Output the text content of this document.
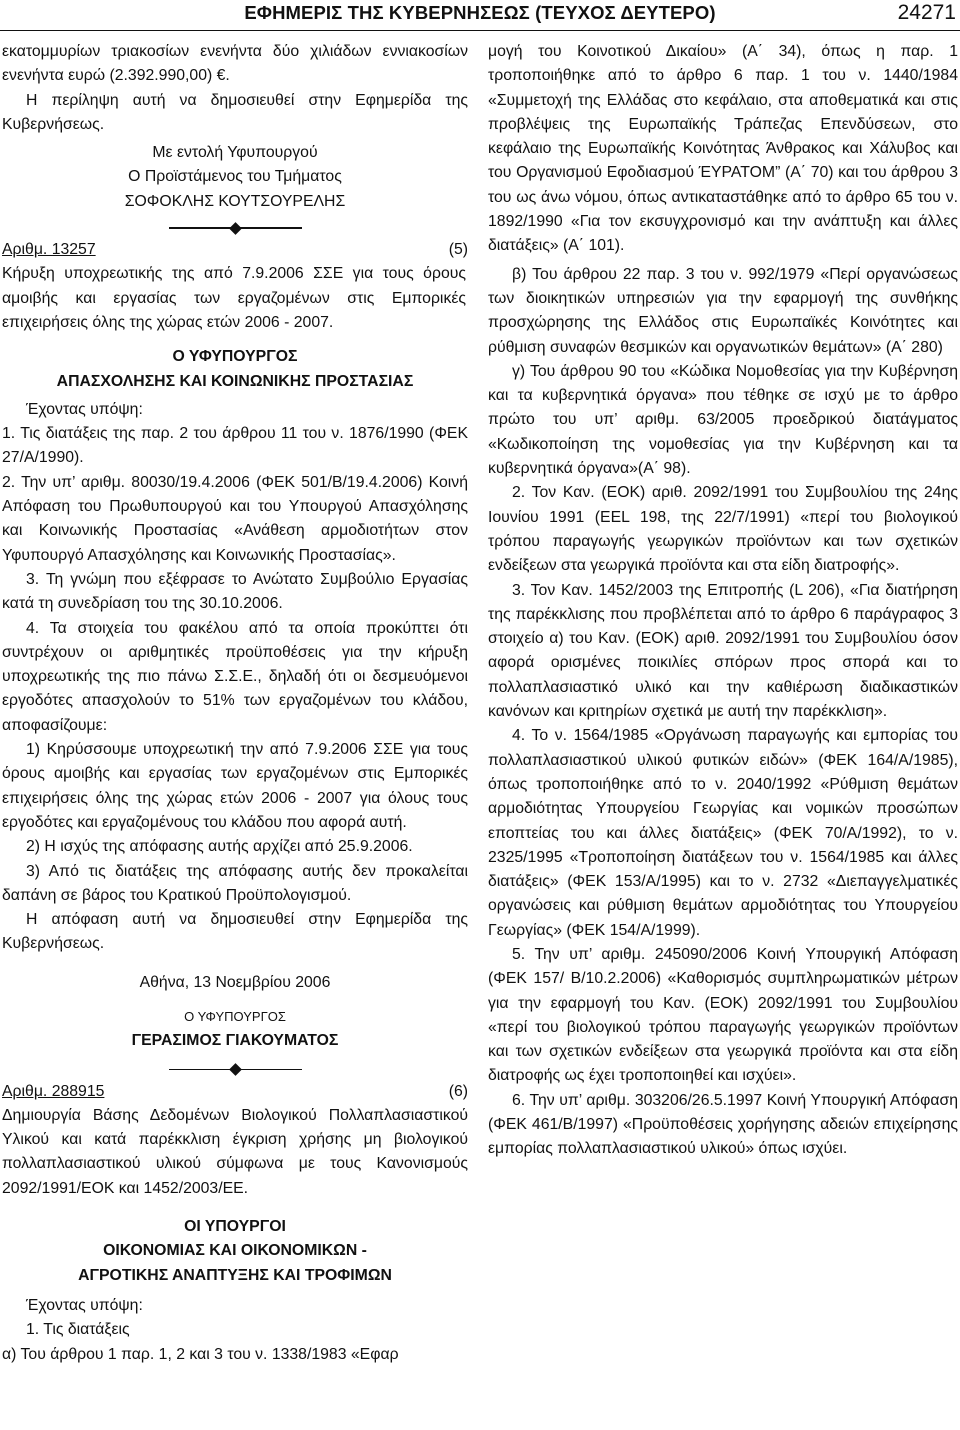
ΕΦΗΜΕΡΙΣ ΤΗΣ ΚΥΒΕΡΝΗΣΕΩΣ (ΤΕΥΧΟΣ ΔΕΥΤΕΡΟ)	24271

εκατομμυρίων τριακοσίων ενενήντα δύο χιλιάδων εννιακοσίων ενενήντα ευρώ (2.392.990,00) €.

Η περίληψη αυτή να δημοσιευθεί στην Εφημερίδα της Κυβερνήσεως.

Με εντολή Υφυπουργού

Ο Προϊστάμενος του Τμήματος

ΣΟΦΟΚΛΗΣ ΚΟΥΤΣΟΥΡΕΛΗΣ

Αριθμ. 13257	(5)

Κήρυξη υποχρεωτικής της από 7.9.2006 ΣΣΕ για τους όρους αμοιβής και εργασίας των εργαζομένων στις Εμπορικές επιχειρήσεις όλης της χώρας ετών 2006 - 2007.

Ο ΥΦΥΠΟΥΡΓΟΣ

ΑΠΑΣΧΟΛΗΣΗΣ ΚΑΙ ΚΟΙΝΩΝΙΚΗΣ ΠΡΟΣΤΑΣΙΑΣ

Έχοντας υπόψη:

1. Τις διατάξεις της παρ. 2 του άρθρου 11 του ν. 1876/1990 (ΦΕΚ 27/Α/1990).

2. Την υπ’ αριθμ. 80030/19.4.2006 (ΦΕΚ 501/Β/19.4.2006) Κοινή Απόφαση του Πρωθυπουργού και του Υπουργού Απασχόλησης και Κοινωνικής Προστασίας «Ανάθεση αρμοδιοτήτων στον Υφυπουργό Απασχόλησης και Κοινωνικής Προστασίας».

3. Τη γνώμη που εξέφρασε το Ανώτατο Συμβούλιο Εργασίας κατά τη συνεδρίαση του της 30.10.2006.

4. Τα στοιχεία του φακέλου από τα οποία προκύπτει ότι συντρέχουν οι αριθμητικές προϋποθέσεις για την κήρυξη υποχρεωτικής της πιο πάνω Σ.Σ.Ε., δηλαδή ότι οι δεσμευόμενοι εργοδότες απασχολούν το 51% των εργαζομένων του κλάδου, αποφασίζουμε:

1) Κηρύσσουμε υποχρεωτική την από 7.9.2006 ΣΣΕ για τους όρους αμοιβής και εργασίας των εργαζομένων στις Εμπορικές επιχειρήσεις όλης της χώρας ετών 2006 - 2007 για όλους τους εργοδότες και εργαζομένους του κλάδου που αφορά αυτή.

2) Η ισχύς της απόφασης αυτής αρχίζει από 25.9.2006.

3) Από τις διατάξεις της απόφασης αυτής δεν προκαλείται δαπάνη σε βάρος του Κρατικού Προϋπολογισμού.

Η απόφαση αυτή να δημοσιευθεί στην Εφημερίδα της Κυβερνήσεως.

Αθήνα, 13 Νοεμβρίου 2006

Ο ΥΦΥΠΟΥΡΓΟΣ

ΓΕΡΑΣΙΜΟΣ ΓΙΑΚΟΥΜΑΤΟΣ

Αριθμ. 288915	(6)

Δημιουργία Βάσης Δεδομένων Βιολογικού Πολλαπλασιαστικού Υλικού και κατά παρέκκλιση έγκριση χρήσης μη βιολογικού πολλαπλασιαστικού υλικού σύμφωνα με τους Κανονισμούς 2092/1991/ΕΟΚ και 1452/2003/ΕΕ.

ΟΙ ΥΠΟΥΡΓΟΙ

ΟΙΚΟΝΟΜΙΑΣ ΚΑΙ ΟΙΚΟΝΟΜΙΚΩΝ -

ΑΓΡΟΤΙΚΗΣ ΑΝΑΠΤΥΞΗΣ ΚΑΙ ΤΡΟΦΙΜΩΝ

Έχοντας υπόψη:

1. Τις διατάξεις

α) Του άρθρου 1 παρ. 1, 2 και 3 του ν. 1338/1983 «Εφαρ

μογή του Κοινοτικού Δικαίου» (Α΄ 34), όπως η παρ. 1 τροποποιήθηκε από το άρθρο 6 παρ. 1 του ν. 1440/1984 «Συμμετοχή της Ελλάδας στο κεφάλαιο, στα αποθεματικά και στις προβλέψεις της Ευρωπαϊκής Τράπεζας Επενδύσεων, στο κεφάλαιο της Ευρωπαϊκής Κοινότητας Άνθρακος και Χάλυβος και του Οργανισμού Εφοδιασμού ΈΥΡΑΤΟΜ” (Α΄ 70) και του άρθρου 3 του ως άνω νόμου, όπως αντικαταστάθηκε από το άρθρο 65 του ν. 1892/1990 «Για τον εκσυγχρονισμό και την ανάπτυξη και άλλες διατάξεις» (Α΄ 101).

β) Του άρθρου 22 παρ. 3 του ν. 992/1979 «Περί οργανώσεως των διοικητικών υπηρεσιών για την εφαρμογή της συνθήκης προσχώρησης της Ελλάδος στις Ευρωπαϊκές Κοινότητες και ρύθμιση συναφών θεσμικών και οργανωτικών θεμάτων» (Α΄ 280)

γ) Του άρθρου 90 του «Κώδικα Νομοθεσίας για την Κυβέρνηση και τα κυβερνητικά όργανα» που τέθηκε σε ισχύ με το άρθρο πρώτο του υπ’ αριθμ. 63/2005 προεδρικού διατάγματος «Κωδικοποίηση της νομοθεσίας για την Κυβέρνηση και τα κυβερνητικά όργανα»(Α΄ 98).

2. Τον Καν. (ΕΟΚ) αριθ. 2092/1991 του Συμβουλίου της 24ης Ιουνίου 1991 (EEL 198, της 22/7/1991) «περί του βιολογικού τρόπου παραγωγής γεωργικών προϊόντων και των σχετικών ενδείξεων στα γεωργικά προϊόντα και στα είδη διατροφής».

3. Τον Καν. 1452/2003 της Επιτροπής (L 206), «Για διατήρηση της παρέκκλισης που προβλέπεται από το άρθρο 6 παράγραφος 3 στοιχείο α) του Καν. (ΕΟΚ) αριθ. 2092/1991 του Συμβουλίου όσον αφορά ορισμένες ποικιλίες σπόρων προς σπορά και το πολλαπλασιαστικό υλικό και την καθιέρωση διαδικαστικών κανόνων και κριτηρίων σχετικά με αυτή την παρέκκλιση».

4. Το ν. 1564/1985 «Οργάνωση παραγωγής και εμπορίας του πολλαπλασιαστικού υλικού φυτικών ειδών» (ΦΕΚ 164/Α/1985), όπως τροποποιήθηκε από το ν. 2040/1992 «Ρύθμιση θεμάτων αρμοδιότητας Υπουργείου Γεωργίας και νομικών προσώπων εποπτείας του και άλλες διατάξεις» (ΦΕΚ 70/Α/1992), το ν. 2325/1995 «Τροποποίηση διατάξεων του ν. 1564/1985 και άλλες διατάξεις» (ΦΕΚ 153/Α/1995) και το ν. 2732 «Διεπαγγελματικές οργανώσεις και ρύθμιση θεμάτων αρμοδιότητας του Υπουργείου Γεωργίας» (ΦΕΚ 154/Α/1999).

5. Την υπ’ αριθμ. 245090/2006 Κοινή Υπουργική Απόφαση (ΦΕΚ 157/ Β/10.2.2006) «Καθορισμός συμπληρωματικών μέτρων για την εφαρμογή του Καν. (ΕΟΚ) 2092/1991 του Συμβουλίου «περί του βιολογικού τρόπου παραγωγής γεωργικών προϊόντων και των σχετικών ενδείξεων στα γεωργικά προϊόντα και στα είδη διατροφής ως έχει τροποποιηθεί και ισχύει».

6. Την υπ’ αριθμ. 303206/26.5.1997 Κοινή Υπουργική Απόφαση (ΦΕΚ 461/Β/1997) «Προϋποθέσεις χορήγησης αδειών επιχείρησης εμπορίας πολλαπλασιαστικού υλικού» όπως ισχύει.
